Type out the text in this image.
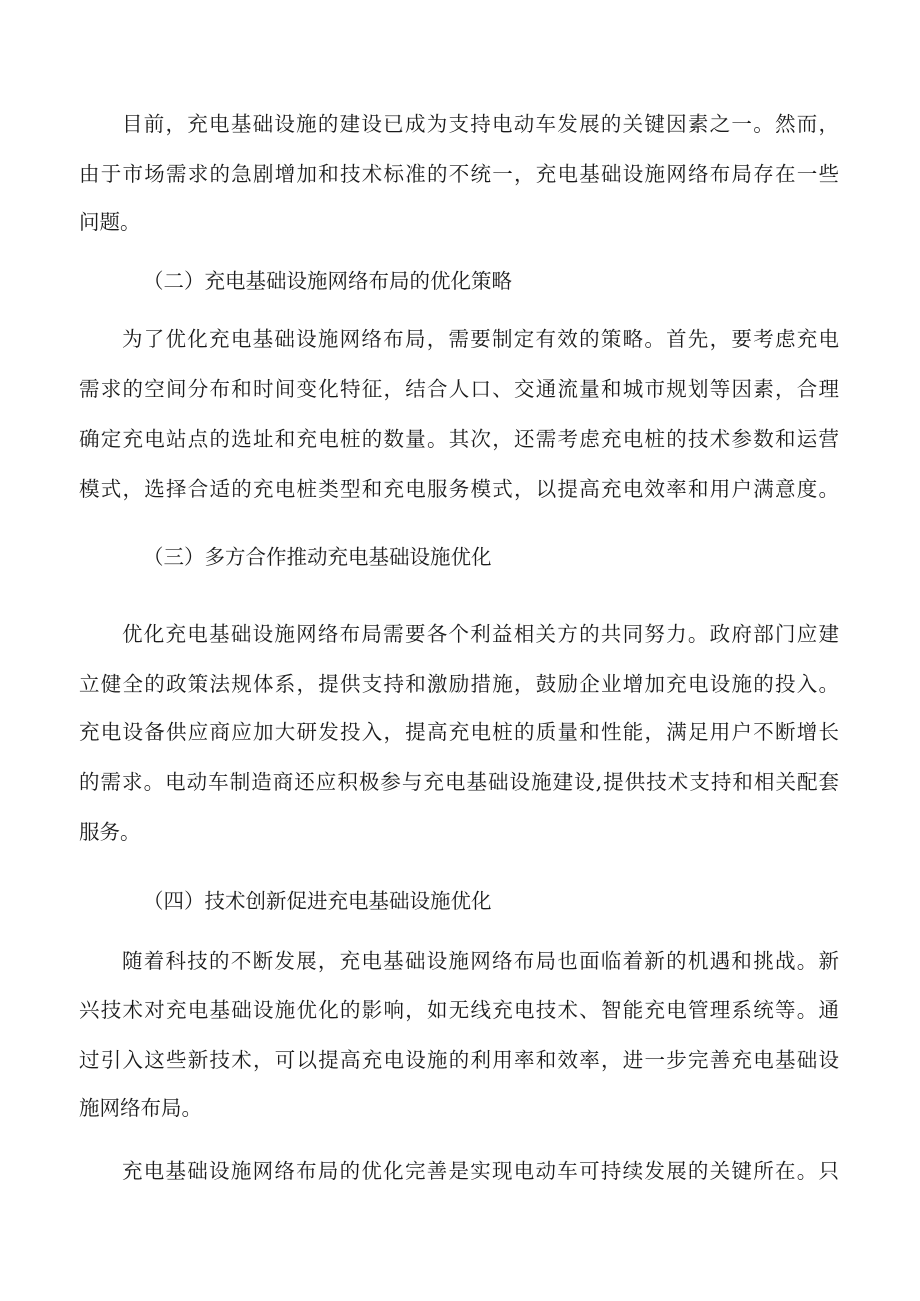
目前，充电基础设施的建设已成为支持电动车发展的关键因素之一。然而，
由于市场需求的急剧增加和技术标准的不统一，充电基础设施网络布局存在一些
问题。
（二）充电基础设施网络布局的优化策略
为了优化充电基础设施网络布局，需要制定有效的策略。首先，要考虑充电
需求的空间分布和时间变化特征，结合人口、交通流量和城市规划等因素，合理
确定充电站点的选址和充电桩的数量。其次，还需考虑充电桩的技术参数和运营
模式，选择合适的充电桩类型和充电服务模式，以提高充电效率和用户满意度。
（三）多方合作推动充电基础设施优化
优化充电基础设施网络布局需要各个利益相关方的共同努力。政府部门应建
立健全的政策法规体系，提供支持和激励措施，鼓励企业增加充电设施的投入。
充电设备供应商应加大研发投入，提高充电桩的质量和性能，满足用户不断增长
的需求。电动车制造商还应积极参与充电基础设施建设,提供技术支持和相关配套
服务。
（四）技术创新促进充电基础设施优化
随着科技的不断发展，充电基础设施网络布局也面临着新的机遇和挑战。新
兴技术对充电基础设施优化的影响，如无线充电技术、智能充电管理系统等。通
过引入这些新技术，可以提高充电设施的利用率和效率，进一步完善充电基础设
施网络布局。
充电基础设施网络布局的优化完善是实现电动车可持续发展的关键所在。只
